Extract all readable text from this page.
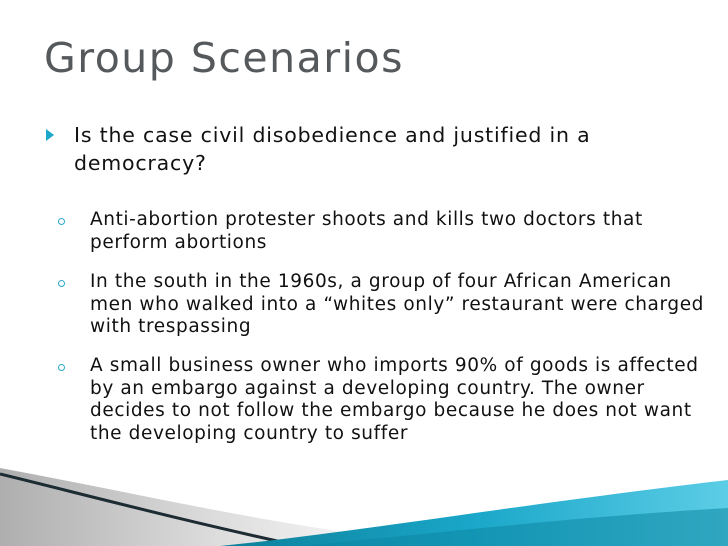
Group Scenarios
Is the case civil disobedience and justified in a democracy?
Anti-abortion protester shoots and kills two doctors that perform abortions
In the south in the 1960s, a group of four African American men who walked into a “whites only” restaurant were charged with trespassing
A small business owner who imports 90% of goods is affected by an embargo against a developing country. The owner decides to not follow the embargo because he does not want the developing country to suffer
